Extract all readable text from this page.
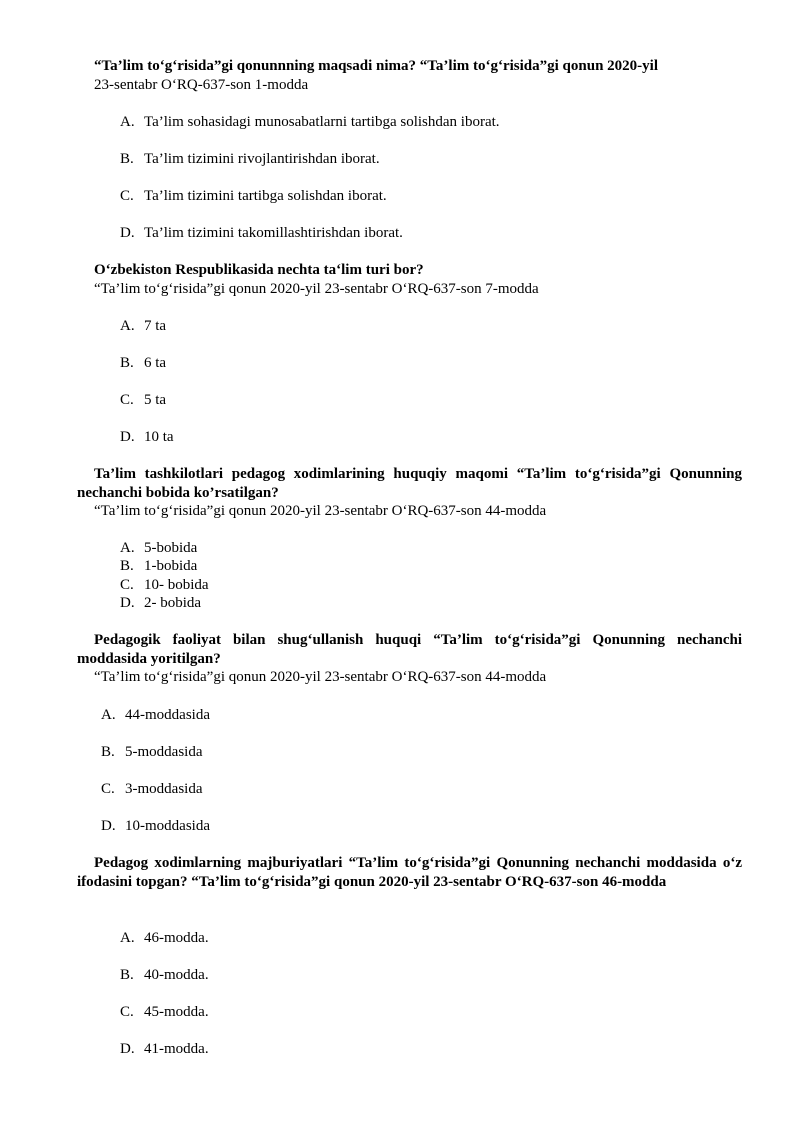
“Ta’lim to‘g‘risida”gi qonunnning maqsadi nima? “Ta’lim to‘g‘risida”gi qonun 2020-yil
23-sentabr O‘RQ-637-son 1-modda
A. Ta’lim sohasidagi munosabatlarni tartibga solishdan iborat.
B. Ta’lim tizimini rivojlantirishdan iborat.
C. Ta’lim tizimini tartibga solishdan iborat.
D. Ta’lim tizimini takomillashtirishdan iborat.
O‘zbekiston Respublikasida nechta ta‘lim turi bor?
“Ta’lim to‘g‘risida”gi qonun 2020-yil 23-sentabr O‘RQ-637-son 7-modda
A. 7 ta
B. 6 ta
C. 5 ta
D. 10 ta
Ta’lim tashkilotlari pedagog xodimlarining huquqiy maqomi “Ta’lim to‘g‘risida”gi Qonunning nechanchi bobida ko’rsatilgan?
“Ta’lim to‘g‘risida”gi qonun 2020-yil 23-sentabr O‘RQ-637-son 44-modda
A. 5-bobida
B. 1-bobida
C. 10- bobida
D. 2- bobida
Pedagogik faoliyat bilan shug‘ullanish huquqi “Ta’lim to‘g‘risida”gi Qonunning nechanchi moddasida yoritilgan?
“Ta’lim to‘g‘risida”gi qonun 2020-yil 23-sentabr O‘RQ-637-son 44-modda
A. 44-moddasida
B. 5-moddasida
C. 3-moddasida
D. 10-moddasida
Pedagog xodimlarning majburiyatlari “Ta’lim to‘g‘risida”gi Qonunning nechanchi moddasida o‘z ifodasini topgan? “Ta’lim to‘g‘risida”gi qonun 2020-yil 23-sentabr O‘RQ-637-son 46-modda
A. 46-modda.
B. 40-modda.
C. 45-modda.
D. 41-modda.
